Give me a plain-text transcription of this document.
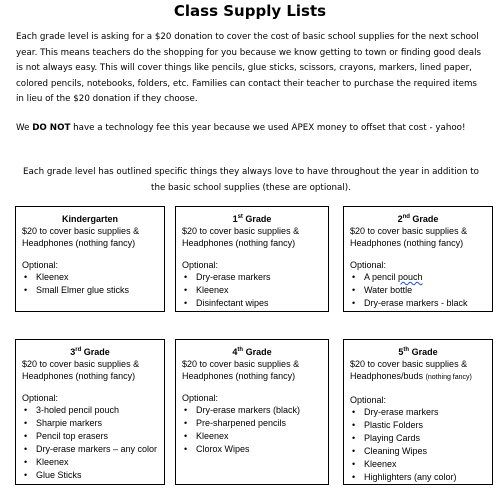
Class Supply Lists

Each grade level is asking for a $20 donation to cover the cost of basic school supplies for the next school year. This means teachers do the shopping for you because we know getting to town or finding good deals is not always easy. This will cover things like pencils, glue sticks, scissors, crayons, markers, lined paper, colored pencils, notebooks, folders, etc. Families can contact their teacher to purchase the required items in lieu of the $20 donation if they choose.

We DO NOT have a technology fee this year because we used APEX money to offset that cost - yahoo!

Each grade level has outlined specific things they always love to have throughout the year in addition to the basic school supplies (these are optional).

Kindergarten

$20 to cover basic supplies &

Headphones (nothing fancy)

Optional:

• Kleenex
• Small Elmer glue sticks

1st Grade

$20 to cover basic supplies &

Headphones (nothing fancy)

Optional:

• Dry-erase markers
• Kleenex
• Disinfectant wipes

2nd Grade

$20 to cover basic supplies &

Headphones (nothing fancy)

Optional:

• A pencil pouch
• Water bottle
• Dry-erase markers - black

3rd Grade

$20 to cover basic supplies &

Headphones (nothing fancy)

Optional:

• 3-holed pencil pouch
• Sharpie markers
• Pencil top erasers
• Dry-erase markers – any color
• Kleenex
• Glue Sticks

4th Grade

$20 to cover basic supplies &

Headphones (nothing fancy)

Optional:

• Dry-erase markers (black)
• Pre-sharpened pencils
• Kleenex
• Clorox Wipes

5th Grade

$20 to cover basic supplies &

Headphones/buds (nothing fancy)

Optional:

• Dry-erase markers
• Plastic Folders
• Playing Cards
• Cleaning Wipes
• Kleenex
• Highlighters (any color)
